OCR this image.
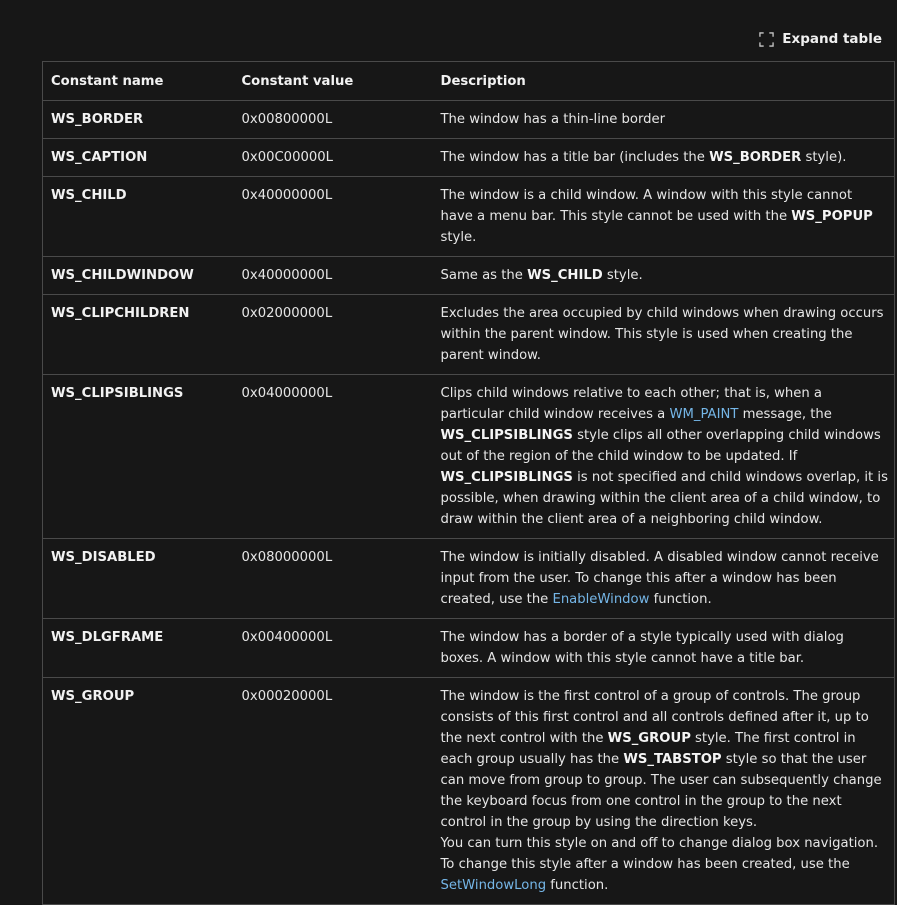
Expand table
Constant name	Constant value	Description
WS_BORDER	0x00800000L	The window has a thin-line border

WS_CAPTION	0x00C00000L	The window has a title bar (includes the WS_BORDER style).

WS_CHILD	0x40000000L	The window is a child window. A window with this style cannot have a menu bar. This style cannot be used with the WS_POPUP style.

WS_CHILDWINDOW	0x40000000L	Same as the WS_CHILD style.

WS_CLIPCHILDREN	0x02000000L	Excludes the area occupied by child windows when drawing occurs within the parent window. This style is used when creating the parent window.

WS_CLIPSIBLINGS	0x04000000L	Clips child windows relative to each other; that is, when a particular child window receives a WM_PAINT message, the WS_CLIPSIBLINGS style clips all other overlapping child windows out of the region of the child window to be updated. If WS_CLIPSIBLINGS is not specified and child windows overlap, it is possible, when drawing within the client area of a child window, to draw within the client area of a neighboring child window.

WS_DISABLED	0x08000000L	The window is initially disabled. A disabled window cannot receive input from the user. To change this after a window has been created, use the EnableWindow function.

WS_DLGFRAME	0x00400000L	The window has a border of a style typically used with dialog boxes. A window with this style cannot have a title bar.

WS_GROUP	0x00020000L	The window is the first control of a group of controls. The group consists of this first control and all controls defined after it, up to the next control with the WS_GROUP style. The first control in each group usually has the WS_TABSTOP style so that the user can move from group to group. The user can subsequently change the keyboard focus from one control in the group to the next control in the group by using the direction keys.

You can turn this style on and off to change dialog box navigation. To change this style after a window has been created, use the SetWindowLong function.
